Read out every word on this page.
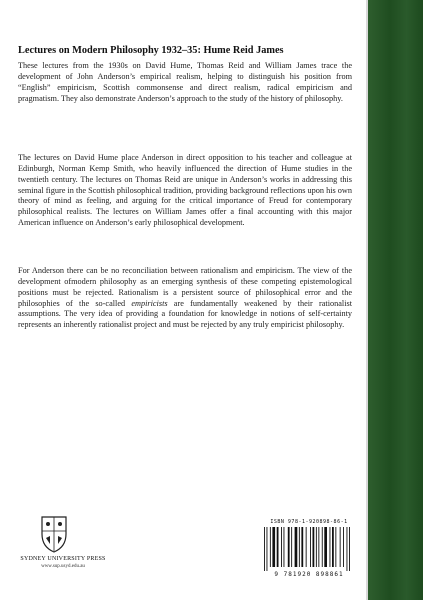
Lectures on Modern Philosophy 1932–35: Hume Reid James

These lectures from the 1930s on David Hume, Thomas Reid and William James trace the development of John Anderson’s empirical realism, helping to distinguish his position from “English” empiricism, Scottish commonsense and direct realism, radical empiricism and pragmatism. They also demonstrate Anderson’s approach to the study of the history of philosophy.

The lectures on David Hume place Anderson in direct opposition to his teacher and colleague at Edinburgh, Norman Kemp Smith, who heavily influenced the direction of Hume studies in the twentieth century. The lectures on Thomas Reid are unique in Anderson’s works in addressing this seminal figure in the Scottish philosophical tradition, providing background reflections upon his own theory of mind as feeling, and arguing for the critical importance of Freud for contemporary philosophical realists. The lectures on William James offer a final accounting with this major American influence on Anderson’s early philosophical development.

For Anderson there can be no reconciliation between rationalism and empiricism. The view of the development ofmodern philosophy as an emerging synthesis of these competing epistemological positions must be rejected. Rationalism is a persistent source of philosophical error and the philosophies of the so-called empiricists are fundamentally weakened by their rationalist assumptions. The very idea of providing a foundation for knowledge in notions of self-certainty represents an inherently rationalist project and must be rejected by any truly empiricist philosophy.

SYDNEY UNIVERSITY PRESS
www.sup.usyd.edu.au
ISBN 978-1-920898-86-1
9 781920 898861
